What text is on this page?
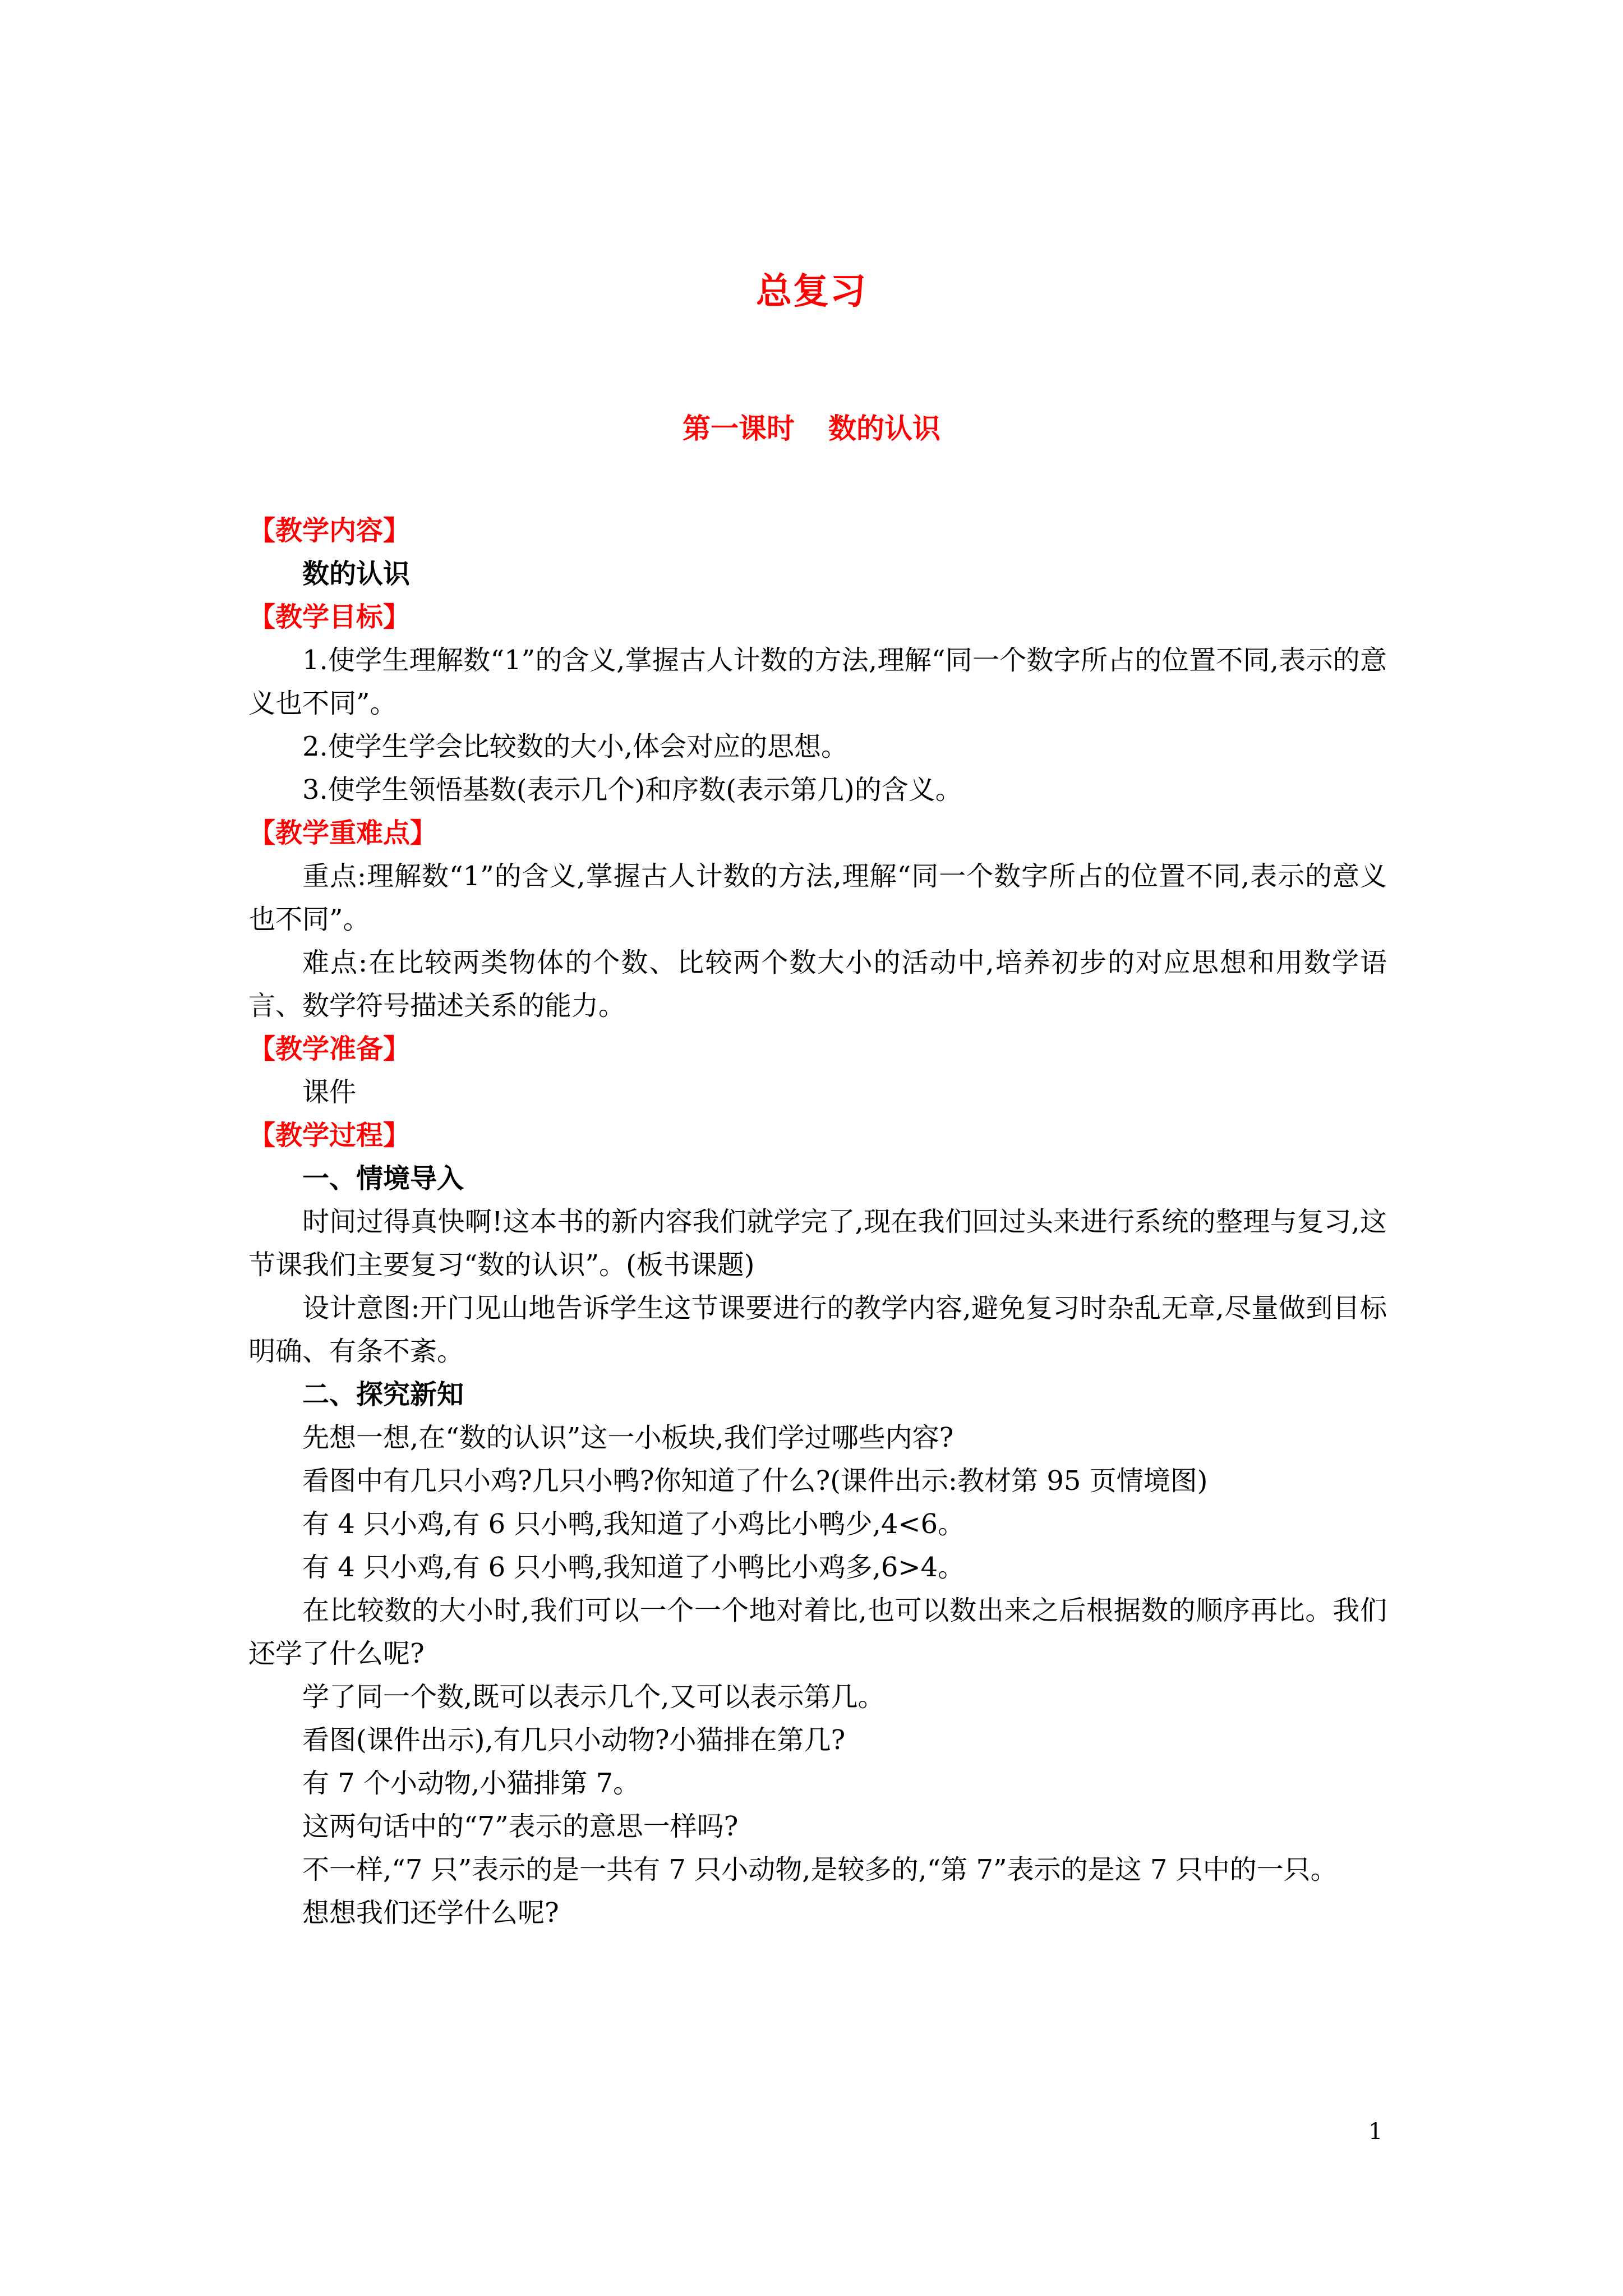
总复习
第一课时 数的认识
【教学内容】
数的认识
【教学目标】
1.使学生理解数“1”的含义,掌握古人计数的方法,理解“同一个数字所占的位置不同,表示的意义也不同”。
2.使学生学会比较数的大小,体会对应的思想。
3.使学生领悟基数(表示几个)和序数(表示第几)的含义。
【教学重难点】
重点:理解数“1”的含义,掌握古人计数的方法,理解“同一个数字所占的位置不同,表示的意义也不同”。
难点:在比较两类物体的个数、比较两个数大小的活动中,培养初步的对应思想和用数学语言、数学符号描述关系的能力。
【教学准备】
课件
【教学过程】
一、情境导入
时间过得真快啊!这本书的新内容我们就学完了,现在我们回过头来进行系统的整理与复习,这节课我们主要复习“数的认识”。(板书课题)
设计意图:开门见山地告诉学生这节课要进行的教学内容,避免复习时杂乱无章,尽量做到目标明确、有条不紊。
二、探究新知
先想一想,在“数的认识”这一小板块,我们学过哪些内容?
看图中有几只小鸡?几只小鸭?你知道了什么?(课件出示:教材第 95 页情境图)
有 4 只小鸡,有 6 只小鸭,我知道了小鸡比小鸭少,4<6。
有 4 只小鸡,有 6 只小鸭,我知道了小鸭比小鸡多,6>4。
在比较数的大小时,我们可以一个一个地对着比,也可以数出来之后根据数的顺序再比。我们还学了什么呢?
学了同一个数,既可以表示几个,又可以表示第几。
看图(课件出示),有几只小动物?小猫排在第几?
有 7 个小动物,小猫排第 7。
这两句话中的“7”表示的意思一样吗?
不一样,“7 只”表示的是一共有 7 只小动物,是较多的,“第 7”表示的是这 7 只中的一只。
想想我们还学什么呢?
1
